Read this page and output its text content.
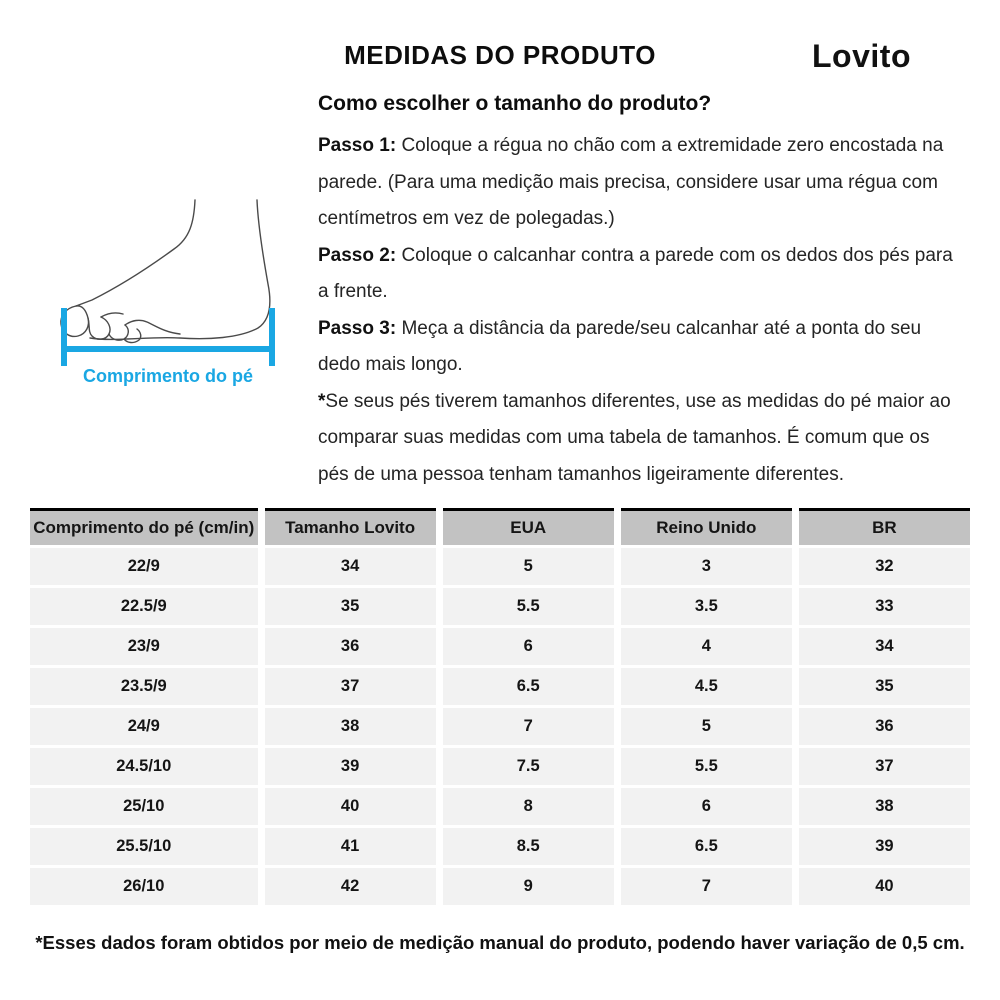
MEDIDAS DO PRODUTO	Lovito
Como escolher o tamanho do produto?

Passo 1: Coloque a régua no chão com a extremidade zero encostada na parede. (Para uma medição mais precisa, considere usar uma régua com centímetros em vez de polegadas.)

Passo 2: Coloque o calcanhar contra a parede com os dedos dos pés para a frente.

Passo 3: Meça a distância da parede/seu calcanhar até a ponta do seu dedo mais longo.

*Se seus pés tiverem tamanhos diferentes, use as medidas do pé maior ao comparar suas medidas com uma tabela de tamanhos. É comum que os pés de uma pessoa tenham tamanhos ligeiramente diferentes.

Comprimento do pé
Comprimento do pé (cm/in)	Tamanho Lovito	EUA	Reino Unido	BR
22/9	34	5	3	32
22.5/9	35	5.5	3.5	33
23/9	36	6	4	34
23.5/9	37	6.5	4.5	35
24/9	38	7	5	36
24.5/10	39	7.5	5.5	37
25/10	40	8	6	38
25.5/10	41	8.5	6.5	39
26/10	42	9	7	40
*Esses dados foram obtidos por meio de medição manual do produto, podendo haver variação de 0,5 cm.
